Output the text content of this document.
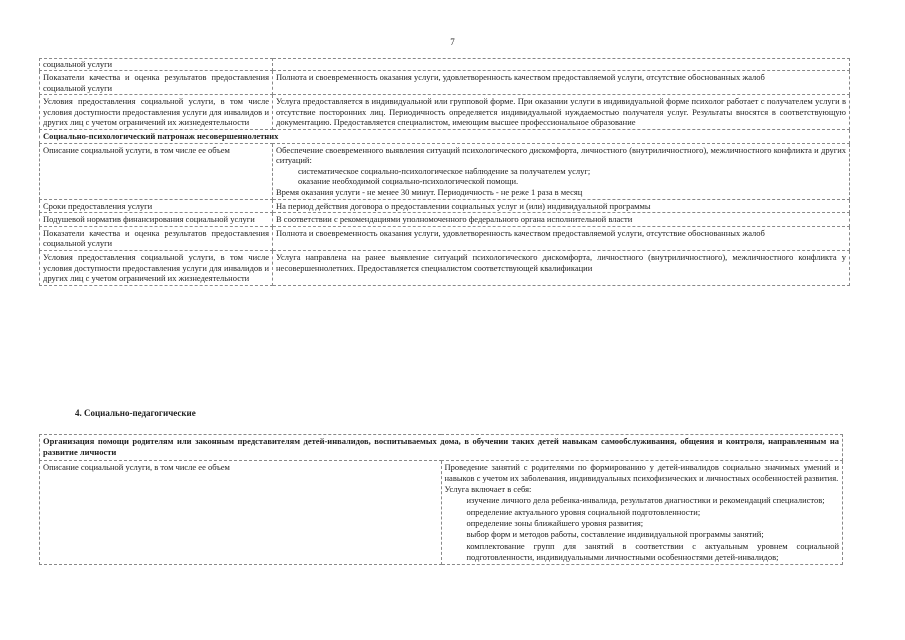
7
социальной услуги	
Показатели качества и оценка результатов предоставления социальной услуги	Полнота и своевременность оказания услуги, удовлетворенность качеством предоставляемой услуги, отсутствие обоснованных жалоб

Условия предоставления социальной услуги, в том числе условия доступности предоставления услуги для инвалидов и других лиц с учетом ограничений их жизнедеятельности	Услуга предоставляется в индивидуальной или групповой форме. При оказании услуги в индивидуальной форме психолог работает с получателем услуги в отсутствие посторонних лиц. Периодичность определяется индивидуальной нуждаемостью получателя услуг. Результаты вносятся в соответствующую документацию. Предоставляется специалистом, имеющим высшее профессиональное образование

Социально-психологический патронаж несовершеннолетних	
Описание социальной услуги, в том числе ее объем	Обеспечение своевременного выявления ситуаций психологического дискомфорта, личностного (внутриличностного), межличностного конфликта и других ситуаций:
систематическое социально-психологическое наблюдение за получателем услуг;
оказание необходимой социально-психологической помощи.
Время оказания услуги - не менее 30 минут. Периодичность - не реже 1 раза в месяц

Сроки предоставления услуги	На период действия договора о предоставлении социальных услуг и (или) индивидуальной программы

Подушевой норматив финансирования социальной услуги	В соответствии с рекомендациями уполномоченного федерального органа исполнительной власти

Показатели качества и оценка результатов предоставления социальной услуги	Полнота и своевременность оказания услуги, удовлетворенность качеством предоставляемой услуги, отсутствие обоснованных жалоб

Условия предоставления социальной услуги, в том числе условия доступности предоставления услуги для инвалидов и других лиц с учетом ограничений их жизнедеятельности	Услуга направлена на ранее выявление ситуаций психологического дискомфорта, личностного (внутриличностного), межличностного конфликта у несовершеннолетних. Предоставляется специалистом соответствующей квалификации
4. Социально-педагогические
Организация помощи родителям или законным представителям детей-инвалидов, воспитываемых дома, в обучении таких детей навыкам самообслуживания, общения и контроля, направленным на развитие личности
Описание социальной услуги, в том числе ее объем	Проведение занятий с родителями по формированию у детей-инвалидов социально значимых умений и навыков с учетом их заболевания, индивидуальных психофизических и личностных особенностей развития.
Услуга включает в себя:
изучение личного дела ребенка-инвалида, результатов диагностики и рекомендаций специалистов;
определение актуального уровня социальной подготовленности;
определение зоны ближайшего уровня развития;
выбор форм и методов работы, составление индивидуальной программы занятий;
комплектование групп для занятий в соответствии с актуальным уровнем социальной подготовленности, индивидуальными личностными особенностями детей-инвалидов;
